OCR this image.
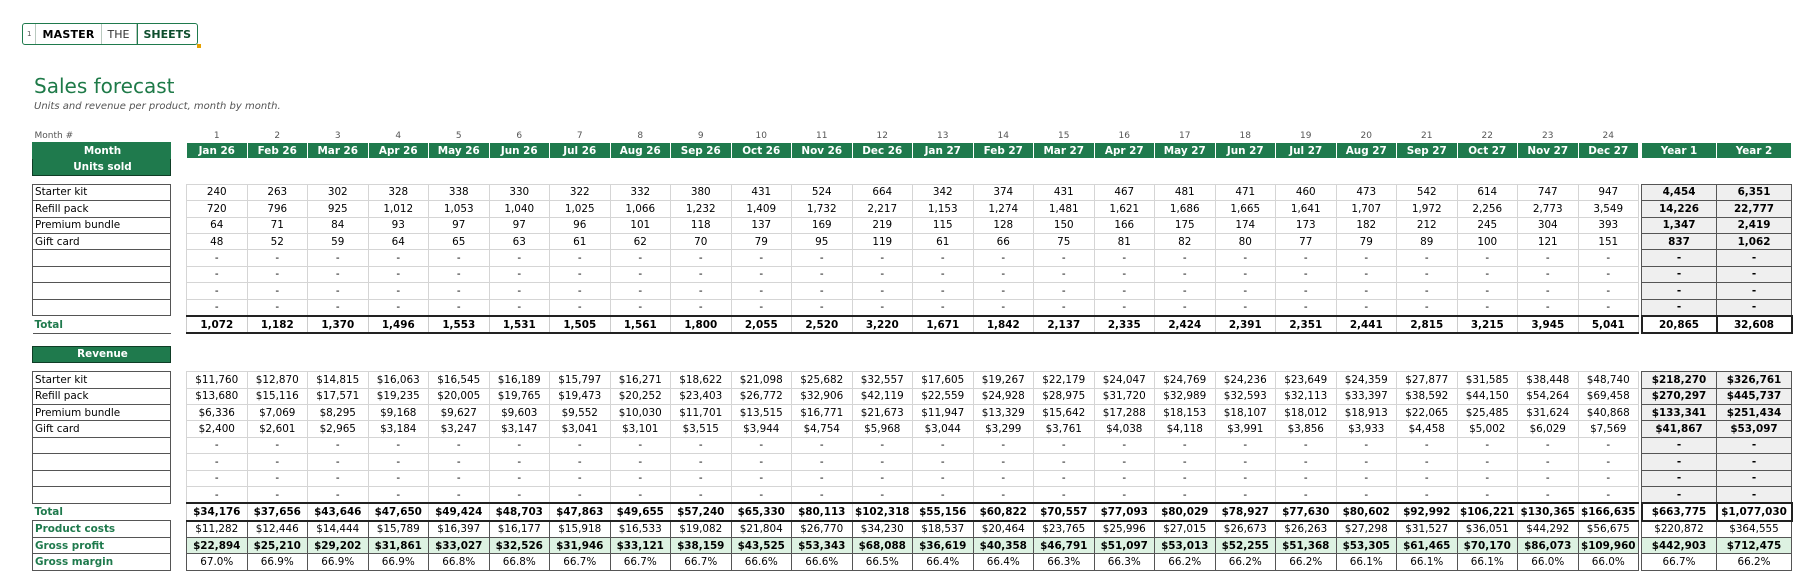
1	MASTER	THE	SHEETS
Sales forecast
Units and revenue per product, month by month.
Month #		1	2	3	4	5	6	7	8	9	10	11	12	13	14	15	16	17	18	19	20	21	22	23	24			
Month		Jan 26	Feb 26	Mar 26	Apr 26	May 26	Jun 26	Jul 26	Aug 26	Sep 26	Oct 26	Nov 26	Dec 26	Jan 27	Feb 27	Mar 27	Apr 27	May 27	Jun 27	Jul 27	Aug 27	Sep 27	Oct 27	Nov 27	Dec 27		Year 1	Year 2
Units sold																												

Starter kit		240	263	302	328	338	330	322	332	380	431	524	664	342	374	431	467	481	471	460	473	542	614	747	947		4,454	6,351
Refill pack		720	796	925	1,012	1,053	1,040	1,025	1,066	1,232	1,409	1,732	2,217	1,153	1,274	1,481	1,621	1,686	1,665	1,641	1,707	1,972	2,256	2,773	3,549		14,226	22,777
Premium bundle		64	71	84	93	97	97	96	101	118	137	169	219	115	128	150	166	175	174	173	182	212	245	304	393		1,347	2,419
Gift card		48	52	59	64	65	63	61	62	70	79	95	119	61	66	75	81	82	80	77	79	89	100	121	151		837	1,062
		-	-	-	-	-	-	-	-	-	-	-	-	-	-	-	-	-	-	-	-	-	-	-	-		-	-
		-	-	-	-	-	-	-	-	-	-	-	-	-	-	-	-	-	-	-	-	-	-	-	-		-	-
		-	-	-	-	-	-	-	-	-	-	-	-	-	-	-	-	-	-	-	-	-	-	-	-		-	-
		-	-	-	-	-	-	-	-	-	-	-	-	-	-	-	-	-	-	-	-	-	-	-	-		-	-
Total		1,072	1,182	1,370	1,496	1,553	1,531	1,505	1,561	1,800	2,055	2,520	3,220	1,671	1,842	2,137	2,335	2,424	2,391	2,351	2,441	2,815	3,215	3,945	5,041		20,865	32,608

Revenue																												

Starter kit		$11,760	$12,870	$14,815	$16,063	$16,545	$16,189	$15,797	$16,271	$18,622	$21,098	$25,682	$32,557	$17,605	$19,267	$22,179	$24,047	$24,769	$24,236	$23,649	$24,359	$27,877	$31,585	$38,448	$48,740		$218,270	$326,761
Refill pack		$13,680	$15,116	$17,571	$19,235	$20,005	$19,765	$19,473	$20,252	$23,403	$26,772	$32,906	$42,119	$22,559	$24,928	$28,975	$31,720	$32,989	$32,593	$32,113	$33,397	$38,592	$44,150	$54,264	$69,458		$270,297	$445,737
Premium bundle		$6,336	$7,069	$8,295	$9,168	$9,627	$9,603	$9,552	$10,030	$11,701	$13,515	$16,771	$21,673	$11,947	$13,329	$15,642	$17,288	$18,153	$18,107	$18,012	$18,913	$22,065	$25,485	$31,624	$40,868		$133,341	$251,434
Gift card		$2,400	$2,601	$2,965	$3,184	$3,247	$3,147	$3,041	$3,101	$3,515	$3,944	$4,754	$5,968	$3,044	$3,299	$3,761	$4,038	$4,118	$3,991	$3,856	$3,933	$4,458	$5,002	$6,029	$7,569		$41,867	$53,097
		-	-	-	-	-	-	-	-	-	-	-	-	-	-	-	-	-	-	-	-	-	-	-	-		-	-
		-	-	-	-	-	-	-	-	-	-	-	-	-	-	-	-	-	-	-	-	-	-	-	-		-	-
		-	-	-	-	-	-	-	-	-	-	-	-	-	-	-	-	-	-	-	-	-	-	-	-		-	-
		-	-	-	-	-	-	-	-	-	-	-	-	-	-	-	-	-	-	-	-	-	-	-	-		-	-
Total		$34,176	$37,656	$43,646	$47,650	$49,424	$48,703	$47,863	$49,655	$57,240	$65,330	$80,113	$102,318	$55,156	$60,822	$70,557	$77,093	$80,029	$78,927	$77,630	$80,602	$92,992	$106,221	$130,365	$166,635		$663,775	$1,077,030
Product costs		$11,282	$12,446	$14,444	$15,789	$16,397	$16,177	$15,918	$16,533	$19,082	$21,804	$26,770	$34,230	$18,537	$20,464	$23,765	$25,996	$27,015	$26,673	$26,263	$27,298	$31,527	$36,051	$44,292	$56,675		$220,872	$364,555
Gross profit		$22,894	$25,210	$29,202	$31,861	$33,027	$32,526	$31,946	$33,121	$38,159	$43,525	$53,343	$68,088	$36,619	$40,358	$46,791	$51,097	$53,013	$52,255	$51,368	$53,305	$61,465	$70,170	$86,073	$109,960		$442,903	$712,475
Gross margin		67.0%	66.9%	66.9%	66.9%	66.8%	66.8%	66.7%	66.7%	66.7%	66.6%	66.6%	66.5%	66.4%	66.4%	66.3%	66.3%	66.2%	66.2%	66.2%	66.1%	66.1%	66.1%	66.0%	66.0%		66.7%	66.2%
